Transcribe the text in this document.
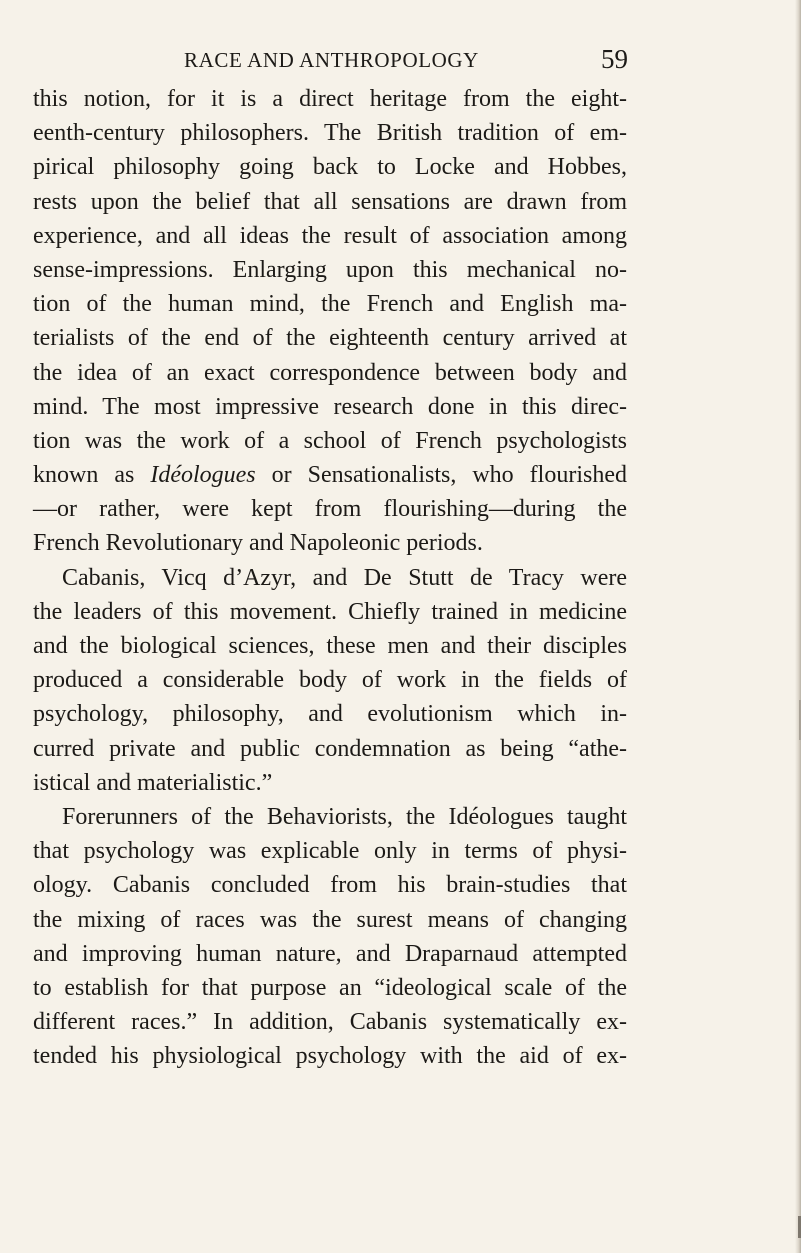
RACE AND ANTHROPOLOGY	59
this notion, for it is a direct heritage from the eight-
eenth-century philosophers. The British tradition of em-
pirical philosophy going back to Locke and Hobbes,
rests upon the belief that all sensations are drawn from
experience, and all ideas the result of association among
sense-impressions. Enlarging upon this mechanical no-
tion of the human mind, the French and English ma-
terialists of the end of the eighteenth century arrived at
the idea of an exact correspondence between body and
mind. The most impressive research done in this direc-
tion was the work of a school of French psychologists
known as Idéologues or Sensationalists, who flourished
—or rather, were kept from flourishing—during the
French Revolutionary and Napoleonic periods.
Cabanis, Vicq d’Azyr, and De Stutt de Tracy were
the leaders of this movement. Chiefly trained in medicine
and the biological sciences, these men and their disciples
produced a considerable body of work in the fields of
psychology, philosophy, and evolutionism which in-
curred private and public condemnation as being “athe-
istical and materialistic.”
Forerunners of the Behaviorists, the Idéologues taught
that psychology was explicable only in terms of physi-
ology. Cabanis concluded from his brain-studies that
the mixing of races was the surest means of changing
and improving human nature, and Draparnaud attempted
to establish for that purpose an “ideological scale of the
different races.” In addition, Cabanis systematically ex-
tended his physiological psychology with the aid of ex-
